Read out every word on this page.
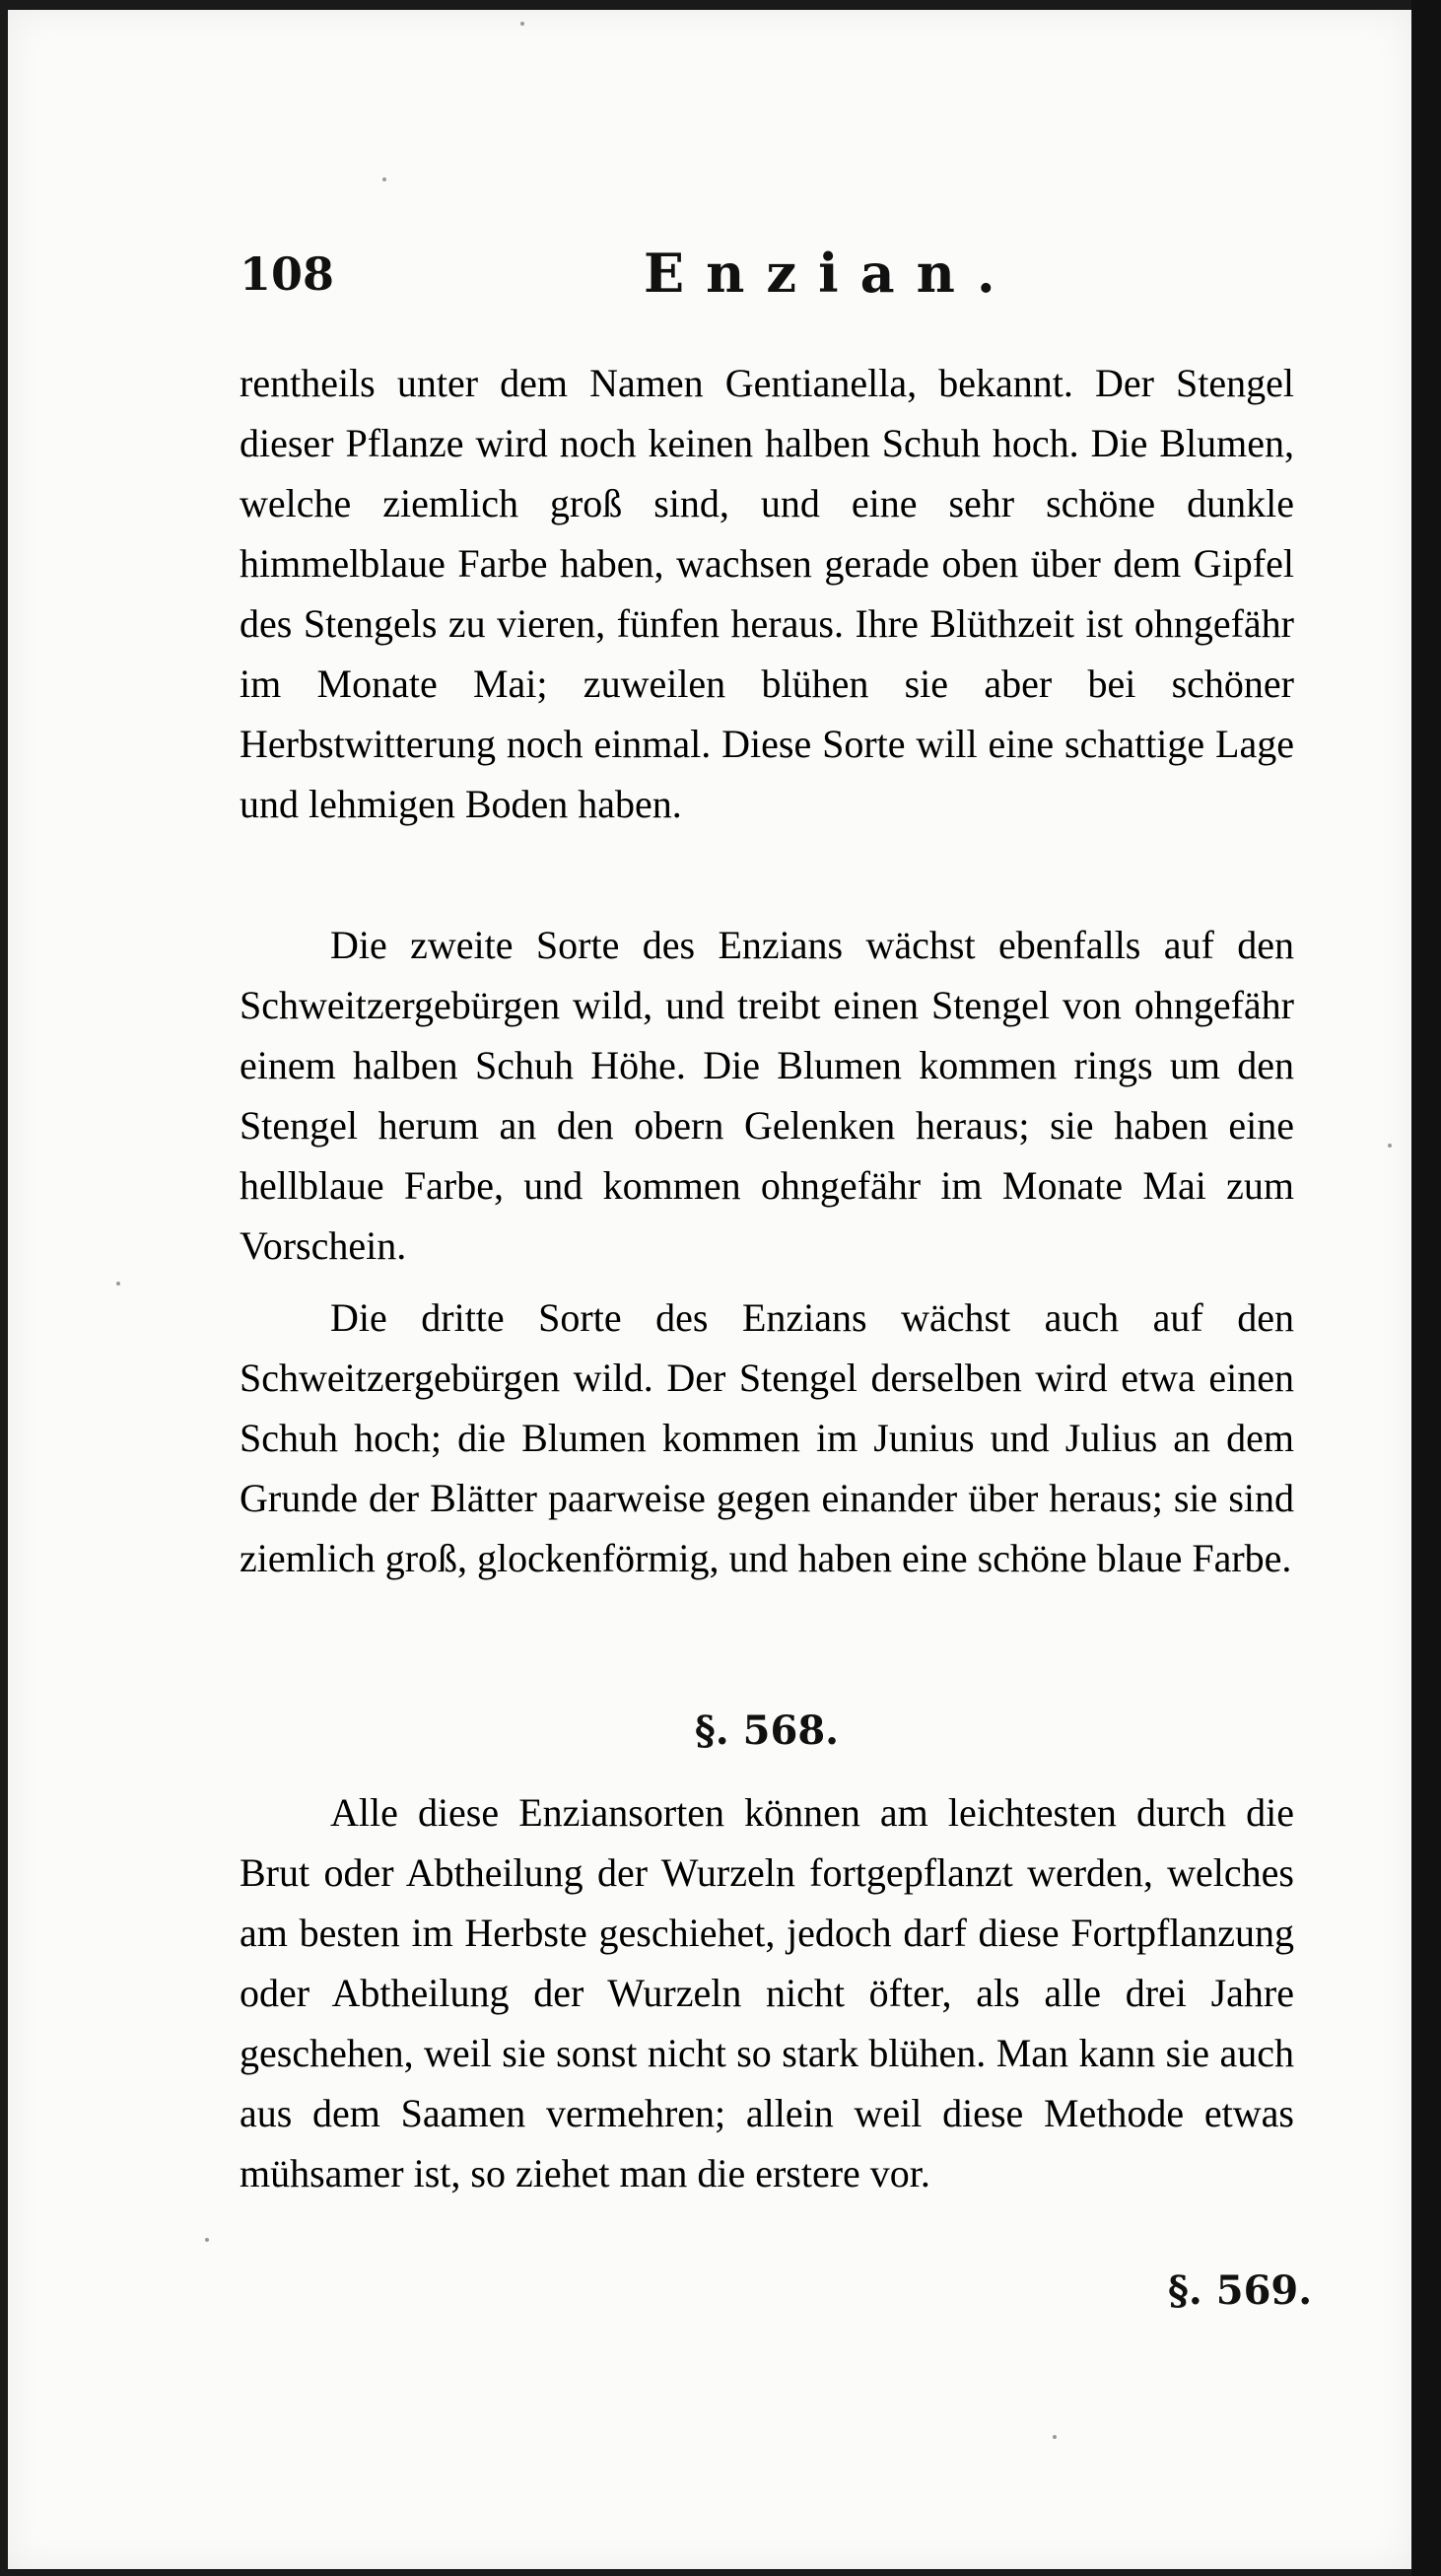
108	Enzian.

rentheils unter dem Namen Gentianella, bekannt. Der Stengel dieser Pflanze wird noch keinen halben Schuh hoch. Die Blumen, welche ziemlich groß sind, und eine sehr schöne dunkle himmelblaue Farbe haben, wachsen gerade oben über dem Gipfel des Stengels zu vieren, fünfen heraus. Ihre Blüthzeit ist ohngefähr im Monate Mai; zuweilen blühen sie aber bei schöner Herbstwitterung noch einmal. Diese Sorte will eine schattige Lage und lehmigen Boden haben.

Die zweite Sorte des Enzians wächst ebenfalls auf den Schweitzergebürgen wild, und treibt einen Stengel von ohngefähr einem halben Schuh Höhe. Die Blumen kommen rings um den Stengel herum an den obern Gelenken heraus; sie haben eine hellblaue Farbe, und kommen ohngefähr im Monate Mai zum Vorschein.

Die dritte Sorte des Enzians wächst auch auf den Schweitzergebürgen wild. Der Stengel derselben wird etwa einen Schuh hoch; die Blumen kommen im Junius und Julius an dem Grunde der Blätter paarweise gegen einander über heraus; sie sind ziemlich groß, glockenförmig, und haben eine schöne blaue Farbe.

§. 568.

Alle diese Enziansorten können am leichtesten durch die Brut oder Abtheilung der Wurzeln fortgepflanzt werden, welches am besten im Herbste geschiehet, jedoch darf diese Fortpflanzung oder Abtheilung der Wurzeln nicht öfter, als alle drei Jahre geschehen, weil sie sonst nicht so stark blühen. Man kann sie auch aus dem Saamen vermehren; allein weil diese Methode etwas mühsamer ist, so ziehet man die erstere vor.

§. 569.
